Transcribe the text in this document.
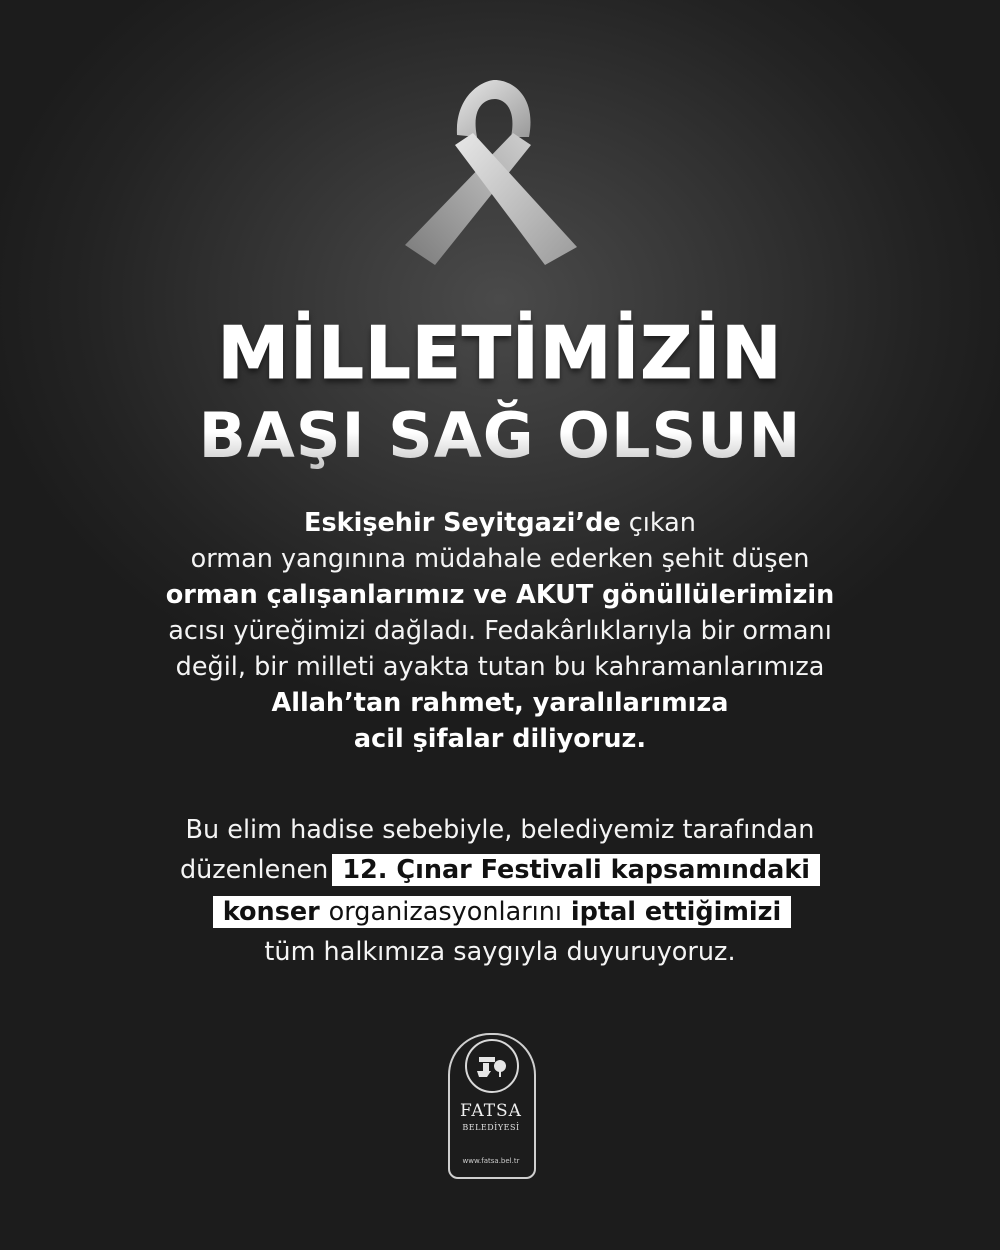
MİLLETİMİZİN
BAŞI SAĞ OLSUN
Eskişehir Seyitgazi’de çıkan
orman yangınına müdahale ederken şehit düşen
orman çalışanlarımız ve AKUT gönüllülerimizin
acısı yüreğimizi dağladı. Fedakârlıklarıyla bir ormanı
değil, bir milleti ayakta tutan bu kahramanlarımıza
Allah’tan rahmet, yaralılarımıza
acil şifalar diliyoruz.
Bu elim hadise sebebiyle, belediyemiz tarafından
düzenlenen 12. Çınar Festivali kapsamındaki
konser organizasyonlarını iptal ettiğimizi
tüm halkımıza saygıyla duyuruyoruz.
FATSA
BELEDİYESİ
www.fatsa.bel.tr
